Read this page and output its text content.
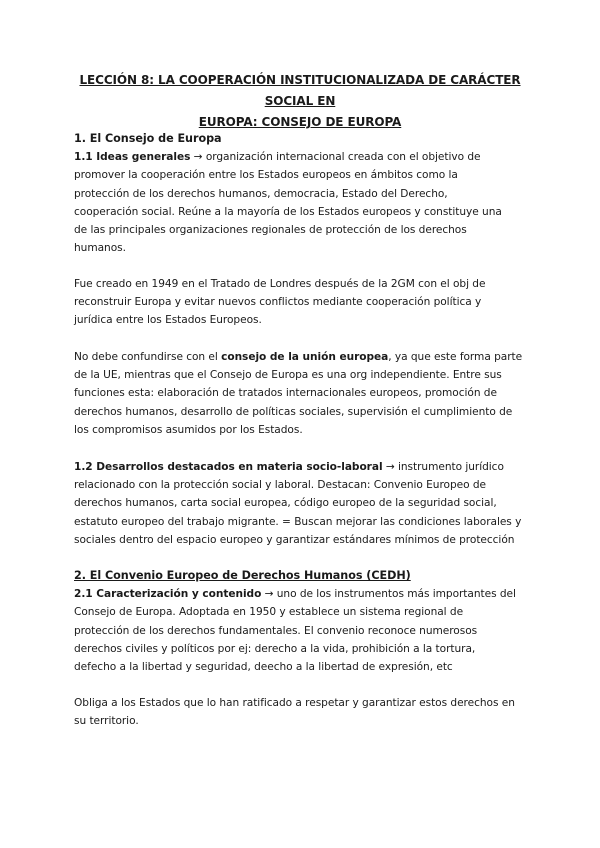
LECCIÓN 8: LA COOPERACIÓN INSTITUCIONALIZADA DE CARÁCTER SOCIAL EN
EUROPA: CONSEJO DE EUROPA

1. El Consejo de Europa

1.1 Ideas generales → organización internacional creada con el objetivo de
promover la cooperación entre los Estados europeos en ámbitos como la
protección de los derechos humanos, democracia, Estado del Derecho,
cooperación social. Reúne a la mayoría de los Estados europeos y constituye una
de las principales organizaciones regionales de protección de los derechos
humanos.

Fue creado en 1949 en el Tratado de Londres después de la 2GM con el obj de
reconstruir Europa y evitar nuevos conflictos mediante cooperación política y
jurídica entre los Estados Europeos.
No debe confundirse con el consejo de la unión europea, ya que este forma parte
de la UE, mientras que el Consejo de Europa es una org independiente. Entre sus
funciones esta: elaboración de tratados internacionales europeos, promoción de
derechos humanos, desarrollo de políticas sociales, supervisión el cumplimiento de
los compromisos asumidos por los Estados.
1.2 Desarrollos destacados en materia socio-laboral → instrumento jurídico
relacionado con la protección social y laboral. Destacan: Convenio Europeo de
derechos humanos, carta social europea, código europeo de la seguridad social,
estatuto europeo del trabajo migrante. = Buscan mejorar las condiciones laborales y
sociales dentro del espacio europeo y garantizar estándares mínimos de protección

2. El Convenio Europeo de Derechos Humanos (CEDH)

2.1 Caracterización y contenido → uno de los instrumentos más importantes del
Consejo de Europa. Adoptada en 1950 y establece un sistema regional de
protección de los derechos fundamentales. El convenio reconoce numerosos
derechos civiles y políticos por ej: derecho a la vida, prohibición a la tortura,
defecho a la libertad y seguridad, deecho a la libertad de expresión, etc
Obliga a los Estados que lo han ratificado a respetar y garantizar estos derechos en
su territorio.
